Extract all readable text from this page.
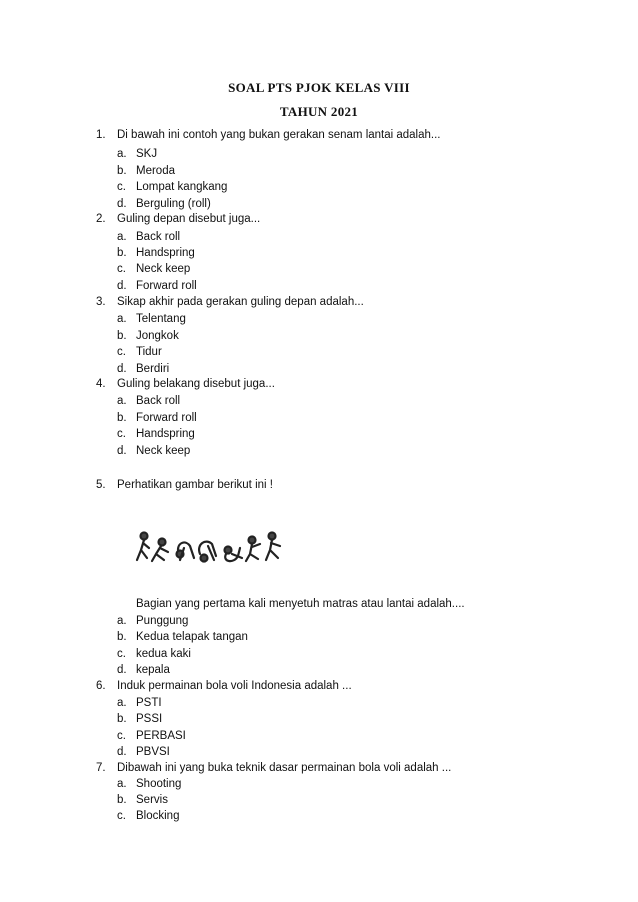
SOAL PTS PJOK KELAS VIII
TAHUN 2021
1. Di bawah ini contoh yang bukan gerakan senam lantai adalah...
a. SKJ
b. Meroda
c. Lompat kangkang
d. Berguling (roll)
2. Guling depan disebut juga...
a. Back roll
b. Handspring
c. Neck keep
d. Forward roll
3. Sikap akhir pada gerakan guling depan adalah...
a. Telentang
b. Jongkok
c. Tidur
d. Berdiri
4. Guling belakang disebut juga...
a. Back roll
b. Forward roll
c. Handspring
d. Neck keep
5. Perhatikan gambar berikut ini !
Bagian yang pertama kali menyetuh matras atau lantai adalah....
a. Punggung
b. Kedua telapak tangan
c. kedua kaki
d. kepala
6. Induk permainan bola voli Indonesia adalah ...
a. PSTI
b. PSSI
c. PERBASI
d. PBVSI
7. Dibawah ini yang buka teknik dasar permainan bola voli adalah ...
a. Shooting
b. Servis
c. Blocking
